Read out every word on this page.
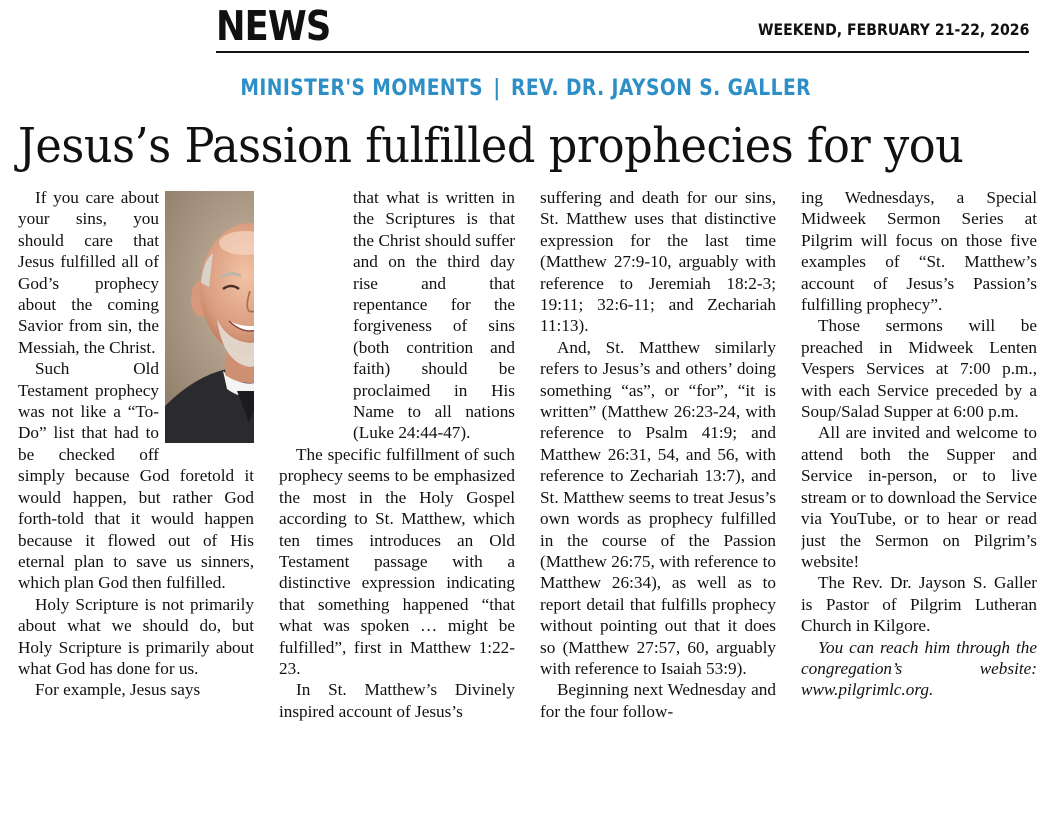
NEWS	WEEKEND, FEBRUARY 21-22, 2026
MINISTER'S MOMENTS | REV. DR. JAYSON S. GALLER
Jesus’s Passion fulfilled prophecies for you

If you care about your sins, you should care that Jesus fulfilled all of God’s prophecy about the coming Savior from sin, the Messiah, the Christ.

Such Old Testament prophecy was not like a “To-Do” list that had to be checked off simply because God foretold it would happen, but rather God forth-told that it would happen because it flowed out of His eternal plan to save us sinners, which plan God then fulfilled.

Holy Scripture is not primarily about what we should do, but Holy Scripture is primarily about what God has done for us.

For example, Jesus says

that what is written in the Scriptures is that the Christ should suffer and on the third day rise and that repentance for the forgiveness of sins (both contrition and faith) should be proclaimed in His Name to all nations (Luke 24:44-47).

The specific fulfillment of such prophecy seems to be emphasized the most in the Holy Gospel according to St. Matthew, which ten times introduces an Old Testament passage with a distinctive expression indicating that something happened “that what was spoken … might be fulfilled”, first in Matthew 1:22-23.

In St. Matthew’s Divinely inspired account of Jesus’s

suffering and death for our sins, St. Matthew uses that distinctive expression for the last time (Matthew 27:9-10, arguably with reference to Jeremiah 18:2-3; 19:11; 32:6-11; and Zechariah 11:13).

And, St. Matthew similarly refers to Jesus’s and others’ doing something “as”, or “for”, “it is written” (Matthew 26:23-24, with reference to Psalm 41:9; and Matthew 26:31, 54, and 56, with reference to Zechariah 13:7), and St. Matthew seems to treat Jesus’s own words as prophecy fulfilled in the course of the Passion (Matthew 26:75, with reference to Matthew 26:34), as well as to report detail that fulfills prophecy without pointing out that it does so (Matthew 27:57, 60, arguably with reference to Isaiah 53:9).

Beginning next Wednesday and for the four follow-

ing Wednesdays, a Special Midweek Sermon Series at Pilgrim will focus on those five examples of “St. Matthew’s account of Jesus’s Passion’s fulfilling prophecy”.

Those sermons will be preached in Midweek Lenten Vespers Services at 7:00 p.m., with each Service preceded by a Soup/Salad Supper at 6:00 p.m.

All are invited and welcome to attend both the Supper and Service in-person, or to live stream or to download the Service via YouTube, or to hear or read just the Sermon on Pilgrim’s website!

The Rev. Dr. Jayson S. Galler is Pastor of Pilgrim Lutheran Church in Kilgore.

You can reach him through the congregation’s website: www.pilgrimlc.org.
